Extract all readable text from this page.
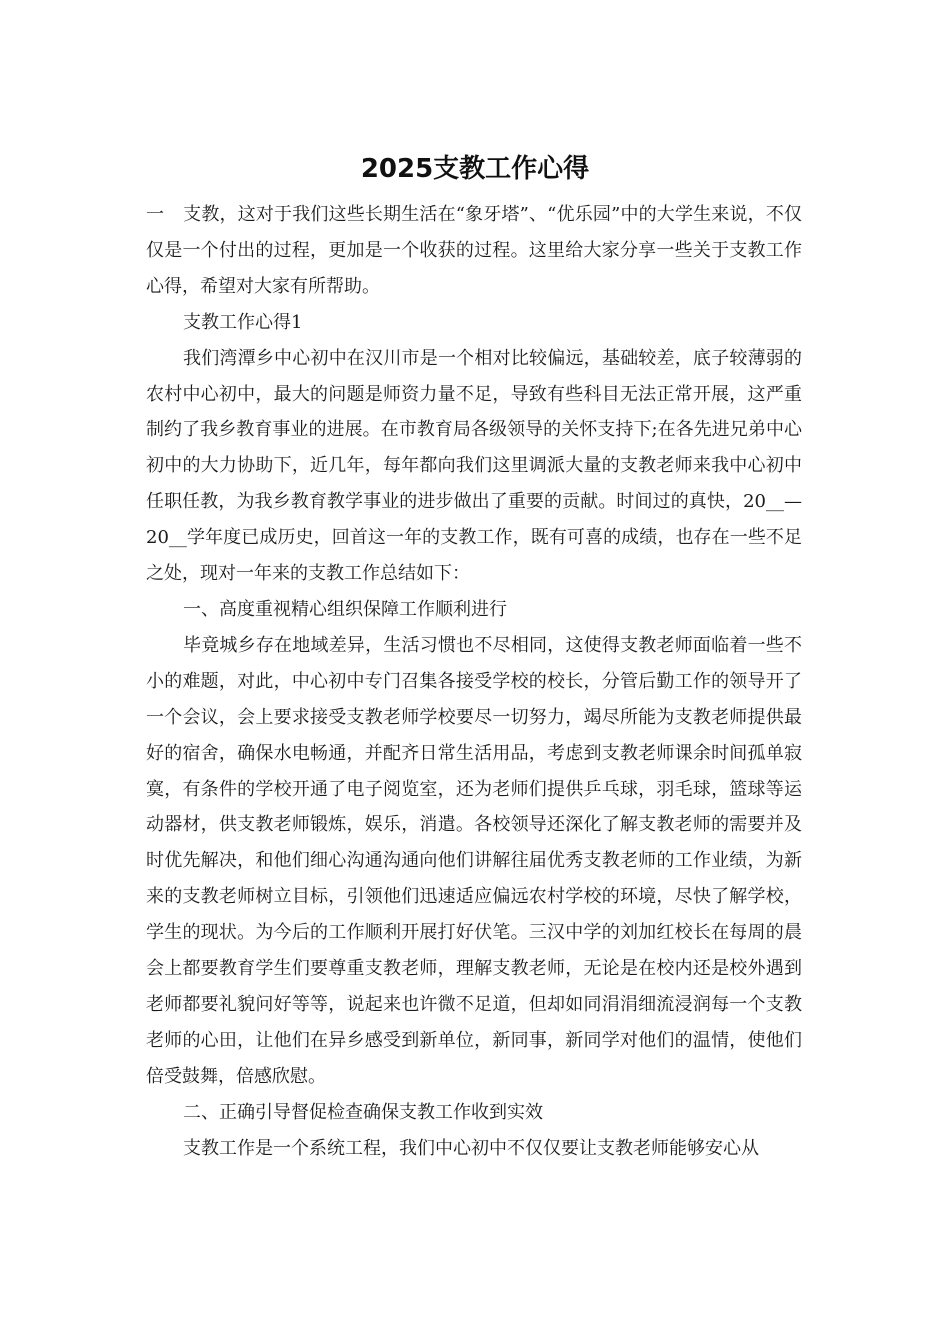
2025支教工作心得

一 支教，这对于我们这些长期生活在“象牙塔”、“优乐园”中的大学生来说，不仅仅是一个付出的过程，更加是一个收获的过程。这里给大家分享一些关于支教工作心得，希望对大家有所帮助。

支教工作心得1

我们湾潭乡中心初中在汉川市是一个相对比较偏远，基础较差，底子较薄弱的农村中心初中，最大的问题是师资力量不足，导致有些科目无法正常开展，这严重制约了我乡教育事业的进展。在市教育局各级领导的关怀支持下;在各先进兄弟中心初中的大力协助下，近几年，每年都向我们这里调派大量的支教老师来我中心初中任职任教，为我乡教育教学事业的进步做出了重要的贡献。时间过的真快，20__—20__学年度已成历史，回首这一年的支教工作，既有可喜的成绩，也存在一些不足之处，现对一年来的支教工作总结如下：

一、高度重视精心组织保障工作顺利进行

毕竟城乡存在地域差异，生活习惯也不尽相同，这使得支教老师面临着一些不小的难题，对此，中心初中专门召集各接受学校的校长，分管后勤工作的领导开了一个会议，会上要求接受支教老师学校要尽一切努力，竭尽所能为支教老师提供最好的宿舍，确保水电畅通，并配齐日常生活用品，考虑到支教老师课余时间孤单寂寞，有条件的学校开通了电子阅览室，还为老师们提供乒乓球，羽毛球，篮球等运动器材，供支教老师锻炼，娱乐，消遣。各校领导还深化了解支教老师的需要并及时优先解决，和他们细心沟通沟通向他们讲解往届优秀支教老师的工作业绩，为新来的支教老师树立目标，引领他们迅速适应偏远农村学校的环境，尽快了解学校，学生的现状。为今后的工作顺利开展打好伏笔。三汉中学的刘加红校长在每周的晨会上都要教育学生们要尊重支教老师，理解支教老师，无论是在校内还是校外遇到老师都要礼貌问好等等，说起来也许微不足道，但却如同涓涓细流浸润每一个支教老师的心田，让他们在异乡感受到新单位，新同事，新同学对他们的温情，使他们倍受鼓舞，倍感欣慰。

二、正确引导督促检查确保支教工作收到实效

支教工作是一个系统工程，我们中心初中不仅仅要让支教老师能够安心从
